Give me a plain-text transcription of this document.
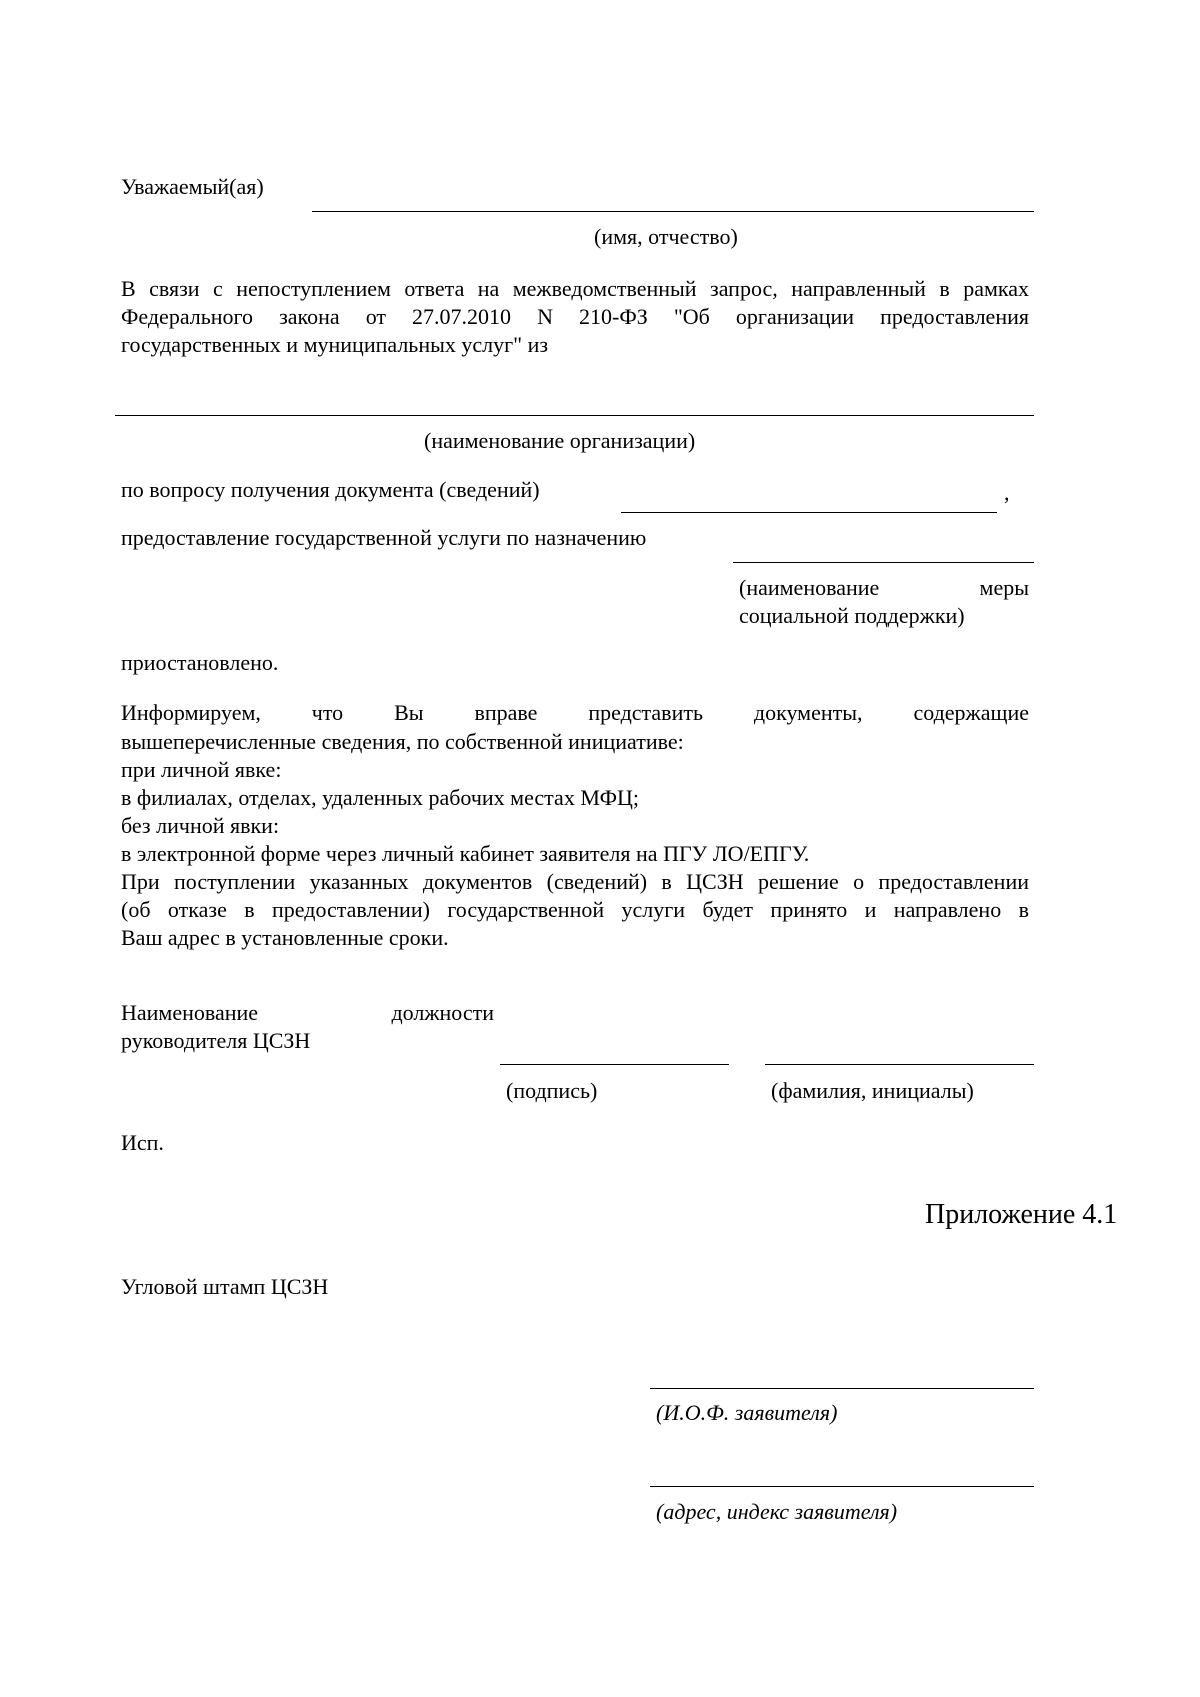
Уважаемый(ая)
(имя, отчество)
В связи с непоступлением ответа на межведомственный запрос, направленный в рамках
Федерального закона от 27.07.2010 N 210-ФЗ "Об организации предоставления
государственных и муниципальных услуг" из
(наименование организации)
по вопросу получения документа (сведений)	,
предоставление государственной услуги по назначению
(наименование	меры
социальной поддержки)
приостановлено.
Информируем, что Вы вправе представить документы, содержащие
вышеперечисленные сведения, по собственной инициативе:
при личной явке:
в филиалах, отделах, удаленных рабочих местах МФЦ;
без личной явки:
в электронной форме через личный кабинет заявителя на ПГУ ЛО/ЕПГУ.
При поступлении указанных документов (сведений) в ЦСЗН решение о предоставлении
(об отказе в предоставлении) государственной услуги будет принято и направлено в
Ваш адрес в установленные сроки.
Наименование	должности
руководителя ЦСЗН
(подпись)	(фамилия, инициалы)
Исп.
Приложение 4.1
Угловой штамп ЦСЗН
(И.О.Ф. заявителя)
(адрес, индекс заявителя)
